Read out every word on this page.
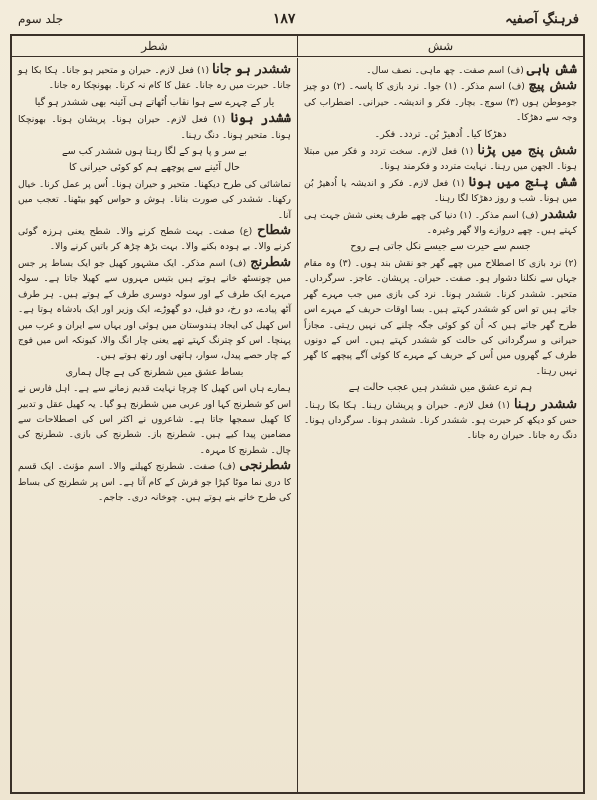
فرہنگِ آصفیہ
۱۸۷
جلد سوم
شش
شطر

شش ہاہی (ف) اسم صفت۔ چھ ماہی۔ نصف سال۔

شش پیچ (ف) اسم مذکر۔ (۱) جوا۔ نرد بازی کا پاسہ۔ (۲) دو چیز جوموطن ہوں (۳) سوچ۔ بچار۔ فکر و اندیشہ۔ حیرانی۔ اضطراب کی وجہ سے دھڑکا۔

دھڑکا کیا۔ اُدھیڑ بُن۔ تردد۔ فکر۔

شش پنج میں پڑنا (۱) فعل لازم۔ سخت تردد و فکر میں مبتلا ہونا۔ الجھن میں رہنا۔ نہایت متردد و فکرمند ہونا۔

شش پنج میں ہونا (۱) فعل لازم۔ فکر و اندیشہ یا اُدھیڑ بُن میں ہونا۔ شب و روز دھڑکا لگا رہنا۔

ششدر (ف) اسم مذکر۔ (۱) دنیا کی چھے طرف یعنی شش جہت ہی کہتے ہیں۔ چھے دروازے والا گھر وغیرہ۔

جسم سے حیرت سے جیسے نکل جاتی ہے روح

(۲) نرد بازی کا اصطلاح میں چھے گھر جو نقش بند ہوں۔ (۳) وہ مقام جہاں سے نکلنا دشوار ہو۔ صفت۔ حیران۔ پریشان۔ عاجز۔ سرگرداں۔ متحیر۔ ششدر کرنا۔ ششدر ہونا۔ نرد کی بازی میں جب مہرے گھر جاتے ہیں تو اس کو ششدر کہتے ہیں۔ بسا اوقات حریف کے مہرے اس طرح گھر جاتے ہیں کہ اُن کو کوئی جگہ چلنے کی نہیں رہتی۔ مجازاً حیرانی و سرگردانی کی حالت کو ششدر کہتے ہیں۔ اس کے دونوں طرف کے گھروں میں اُس کے حریف کے مہرے کا کوئی آگے پیچھے کا گھر نہیں رہتا۔

ہم ترے عشق میں ششدر ہیں عجب حالت ہے

ششدر رہنا (۱) فعل لازم۔ حیران و پریشان رہنا۔ ہکا بکا رہنا۔ حس کو دیکھ کر حیرت ہو۔ ششدر کرنا۔ ششدر ہونا۔ سرگرداں ہونا۔ دنگ رہ جانا۔ حیران رہ جانا۔

ششدر ہو جانا (۱) فعل لازم۔ حیران و متحیر ہو جانا۔ ہکا بکا ہو جانا۔ حیرت میں رہ جانا۔ عقل کا کام نہ کرنا۔ بھونچکا رہ جانا۔

یار کے چہرے سے ہوا نقاب اُٹھاتے ہی آئینہ بھی ششدر ہو گیا

ششدر ہونا (۱) فعل لازم۔ حیران ہونا۔ پریشان ہونا۔ بھونچکا ہونا۔ متحیر ہونا۔ دنگ رہنا۔

بے سر و پا ہو کے لگا رہتا ہوں ششدر کب سے
حال آئینے سے پوچھے ہم کو کوئی حیرانی کا

تماشائی کی طرح دیکھنا۔ متحیر و حیران ہونا۔ اُس پر عمل کرنا۔ خیال رکھنا۔ ششدر کی صورت بنانا۔ ہوش و حواس کھو بیٹھنا۔ تعجب میں آنا۔

شطاح (ع) صفت۔ بہت شطح کرنے والا۔ شطح یعنی ہرزہ گوئی کرنے والا۔ بے ہودہ بکنے والا۔ بہت بڑھ چڑھ کر باتیں کرنے والا۔

شطرنج (ف) اسم مذکر۔ ایک مشہور کھیل جو ایک بساط پر جس میں چونسٹھ خانے ہوتے ہیں بتیس مہروں سے کھیلا جاتا ہے۔ سولہ مہرے ایک طرف کے اور سولہ دوسری طرف کے ہوتے ہیں۔ ہر طرف آٹھ پیادے، دو رخ، دو فیل، دو گھوڑے، ایک وزیر اور ایک بادشاہ ہوتا ہے۔ اس کھیل کی ایجاد ہندوستان میں ہوئی اور یہاں سے ایران و عرب میں پہنچا۔ اس کو چترنگ کہتے تھے یعنی چار انگ والا، کیونکہ اس میں فوج کے چار حصے پیدل، سوار، ہاتھی اور رتھ ہوتے ہیں۔

بساط عشق میں شطرنج کی ہے چال ہماری

ہمارے ہاں اس کھیل کا چرچا نہایت قدیم زمانے سے ہے۔ اہل فارس نے اس کو شطرنج کہا اور عربی میں شطرنج ہو گیا۔ یہ کھیل عقل و تدبیر کا کھیل سمجھا جاتا ہے۔ شاعروں نے اکثر اس کی اصطلاحات سے مضامین پیدا کیے ہیں۔ شطرنج باز۔ شطرنج کی بازی۔ شطرنج کی چال۔ شطرنج کا مہرہ۔

شطرنجی (ف) صفت۔ شطرنج کھیلنے والا۔ اسم مؤنث۔ ایک قسم کا دری نما موٹا کپڑا جو فرش کے کام آتا ہے۔ اس پر شطرنج کی بساط کی طرح خانے بنے ہوتے ہیں۔ چوخانہ دری۔ جاجم۔
